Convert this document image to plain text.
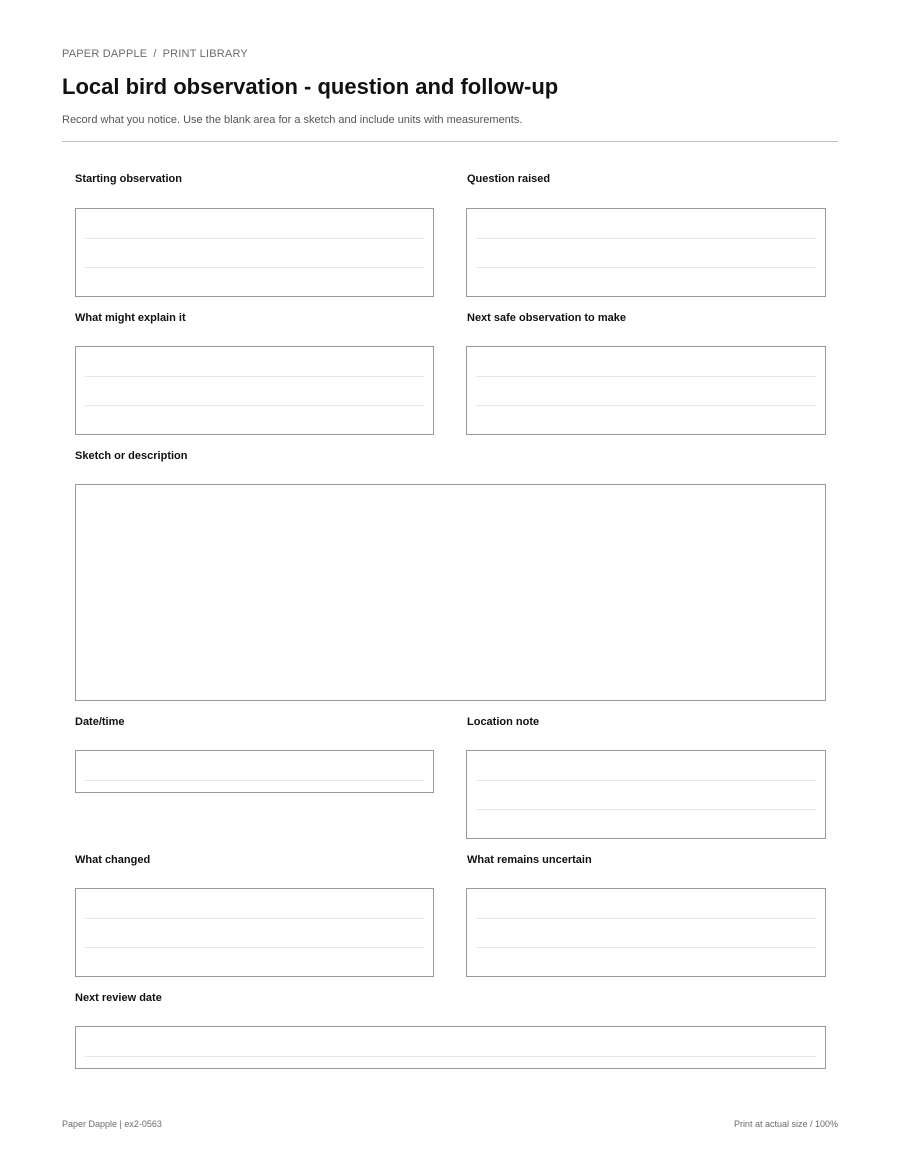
PAPER DAPPLE / PRINT LIBRARY
Local bird observation - question and follow-up
Record what you notice. Use the blank area for a sketch and include units with measurements.
Starting observation	Question raised
What might explain it	Next safe observation to make
Sketch or description
Date/time	Location note
What changed	What remains uncertain
Next review date
Paper Dapple | ex2-0563	Print at actual size / 100%
